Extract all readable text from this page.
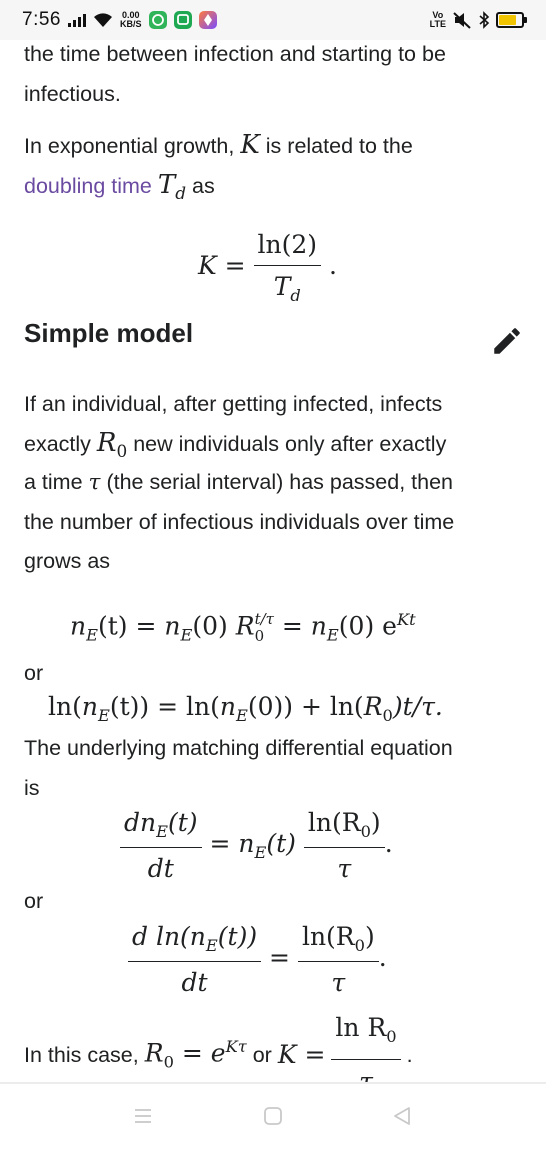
7:56	0.00
KB/S
Vo
LTE
the time between infection and starting to be
infectious.
In exponential growth, K is related to the
doubling time $T_d$ as
$K = \frac{\ln(2)}{T_d}$ .
Simple model
If an individual, after getting infected, infects
exactly $R_0$ new individuals only after exactly
a time τ (the serial interval) has passed, then
the number of infectious individuals over time
grows as
$n_E(t) = n_E(0)$ R t/τ
$0 = n_E(0)$ $e^{Kt}$
or
$\ln(n_E(t)) = \ln(n_E(0)) + \ln(R_0)t/\tau$.
The underlying matching differential equation
is
$\frac{dn_E(t)}{dt} = n_E(t) \frac{\ln(R_0)}{\tau}$ .
or
$\frac{d \ln(n_E(t))}{dt} = \frac{\ln(R_0)}{\tau}$ .
In this case, $R_0 = e^{K\tau}$ or K =
$\ln R_0$
.
